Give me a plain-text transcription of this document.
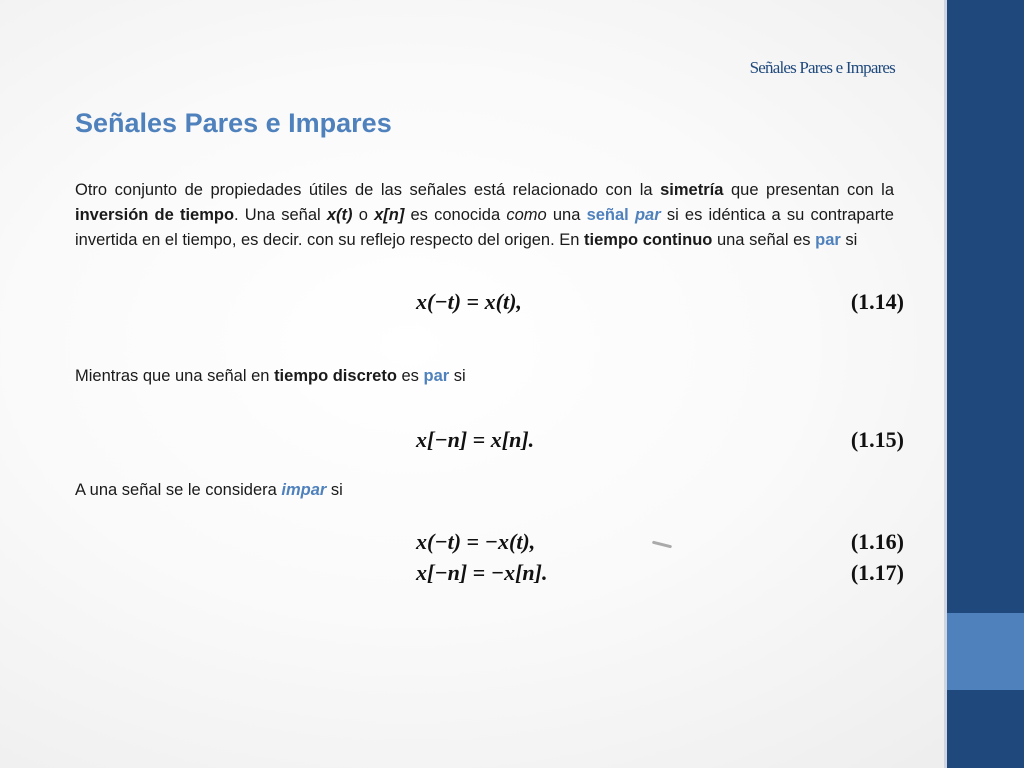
Señales Pares e Impares
Señales Pares e Impares

Otro conjunto de propiedades útiles de las señales está relacionado con la simetría que presentan con la inversión de tiempo. Una señal x(t) o x[n] es conocida como una señal par si es idéntica a su contraparte invertida en el tiempo, es decir. con su reflejo respecto del origen. En tiempo continuo una señal es par si

x(−t) = x(t),	(1.14)

Mientras que una señal en tiempo discreto es par si

x[−n] = x[n].	(1.15)

A una señal se le considera impar si

x(−t) = −x(t),	(1.16)
x[−n] = −x[n].	(1.17)
